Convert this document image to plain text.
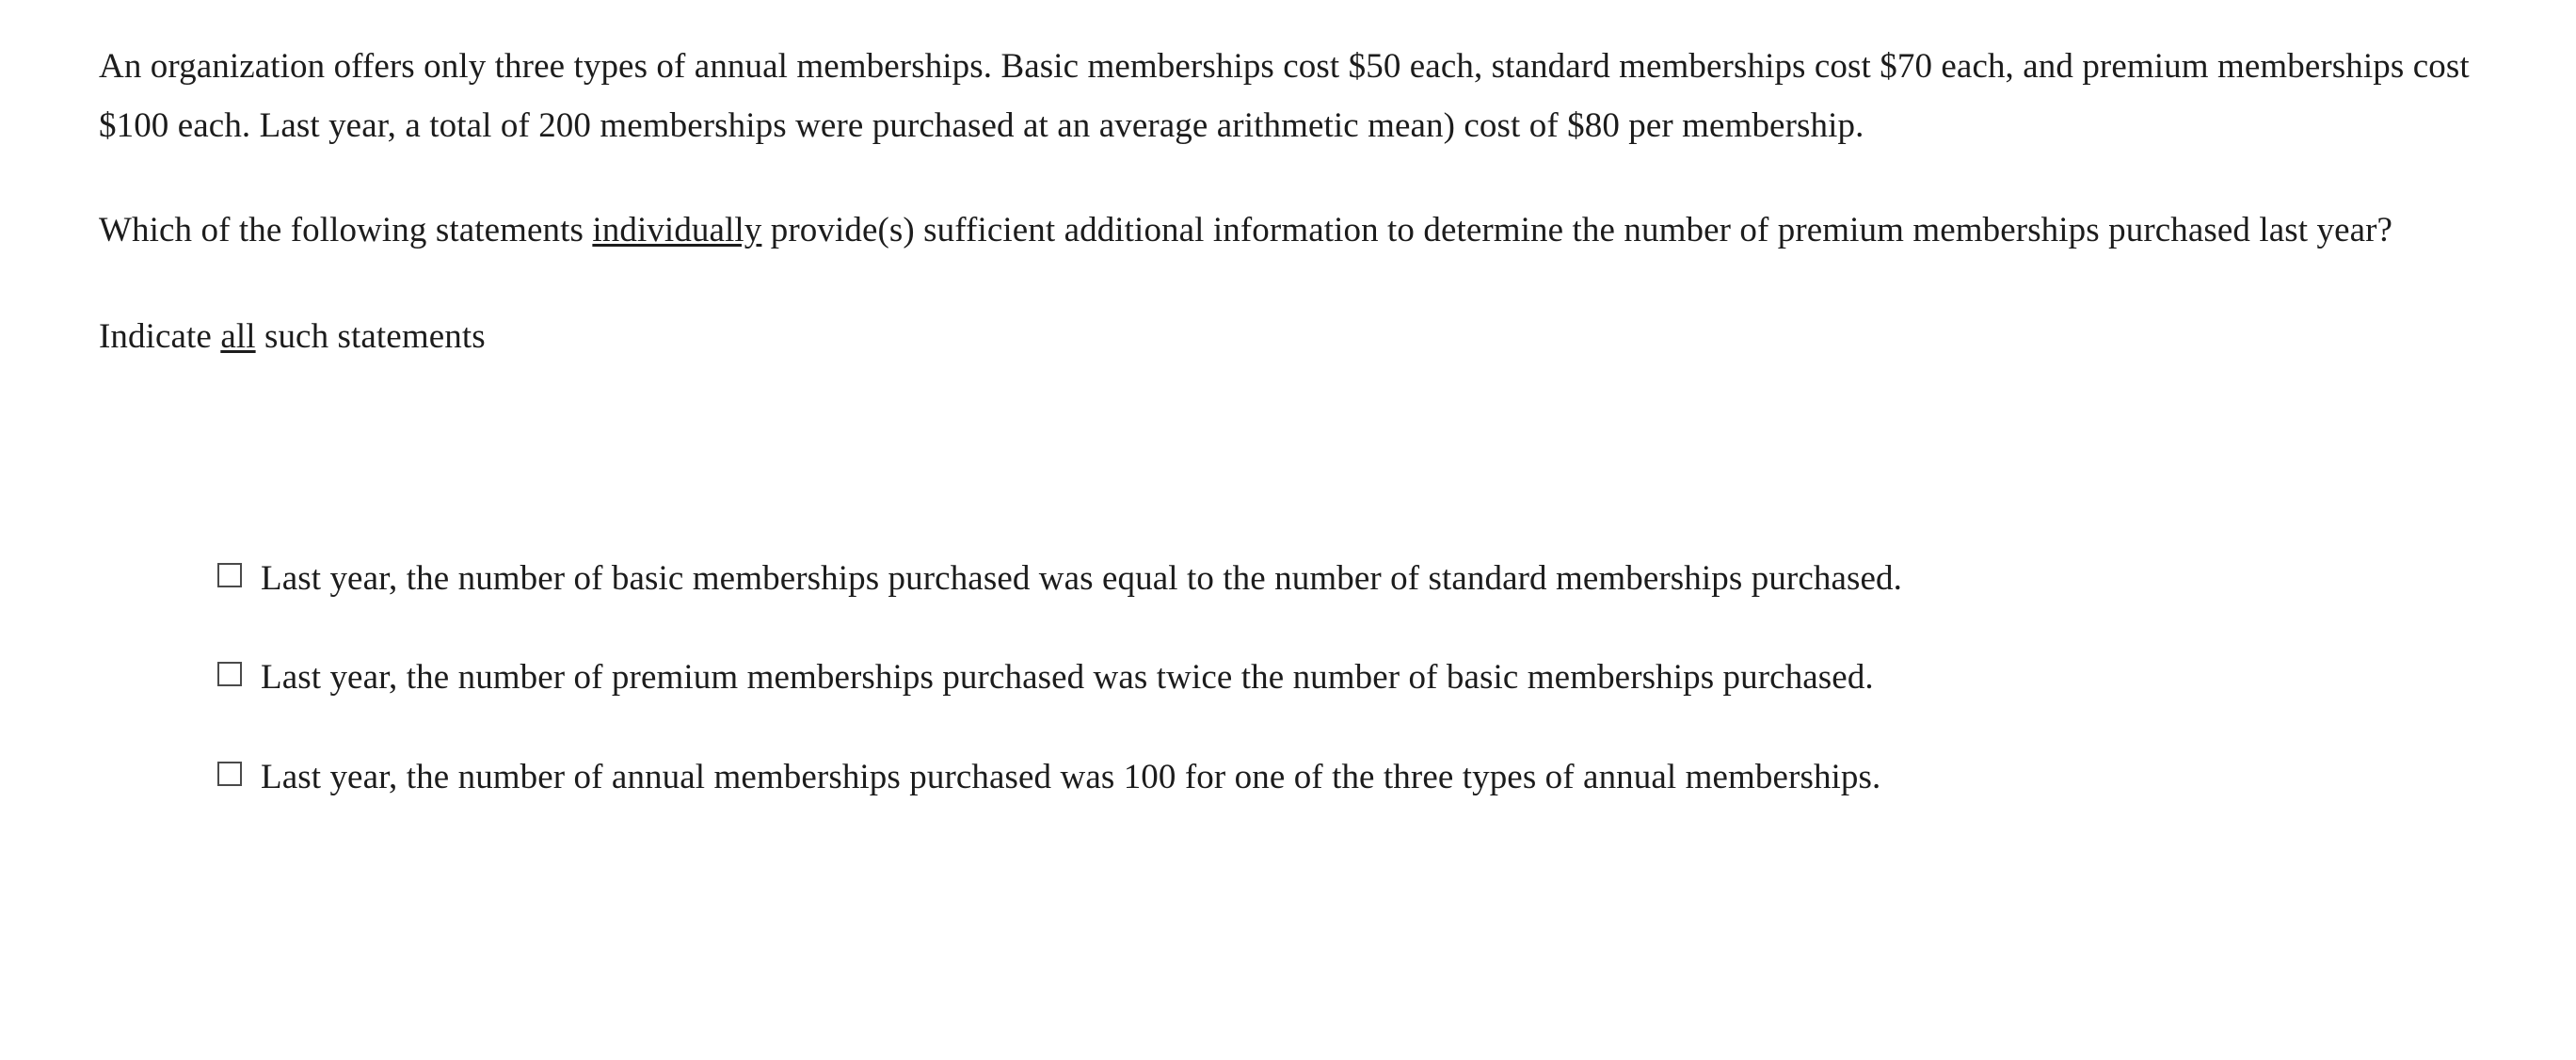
An organization offers only three types of annual memberships. Basic memberships cost $50 each, standard memberships cost $70 each, and premium memberships cost $100 each. Last year, a total of 200 memberships were purchased at an average arithmetic mean) cost of $80 per membership.

Which of the following statements individually provide(s) sufficient additional information to determine the number of premium memberships purchased last year?

Indicate all such statements

Last year, the number of basic memberships purchased was equal to the number of standard memberships purchased.
Last year, the number of premium memberships purchased was twice the number of basic memberships purchased.
Last year, the number of annual memberships purchased was 100 for one of the three types of annual memberships.
